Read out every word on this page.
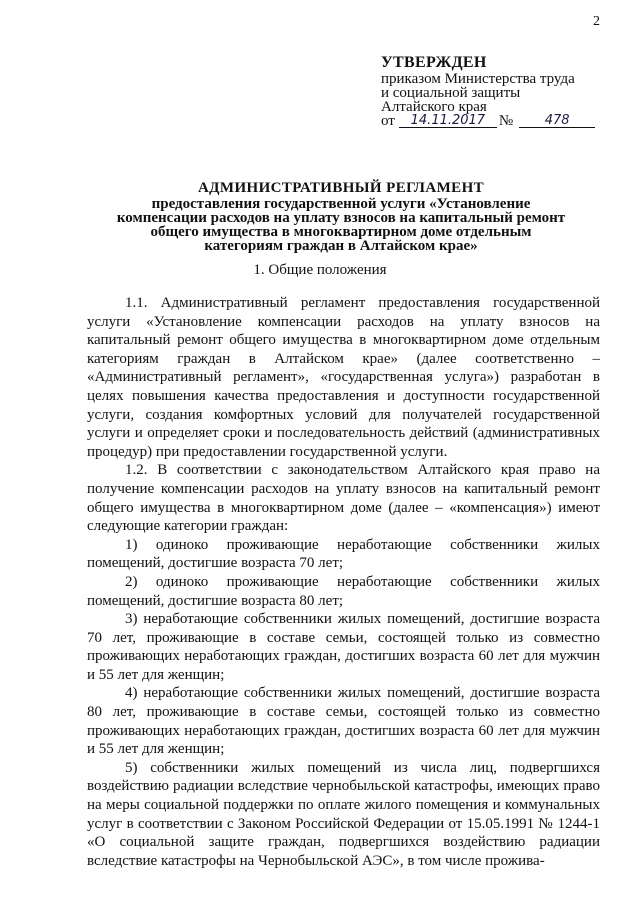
2
УТВЕРЖДЕН
приказом Министерства труда
и социальной защиты
Алтайского края
от	14.11.2017 №	478
АДМИНИСТРАТИВНЫЙ РЕГЛАМЕНТ
предоставления государственной услуги «Установление компенсации расходов на уплату взносов на капитальный ремонт общего имущества в многоквартирном доме отдельным категориям граждан в Алтайском крае»
1. Общие положения

1.1. Административный регламент предоставления государственной услуги «Установление компенсации расходов на уплату взносов на капитальный ремонт общего имущества в многоквартирном доме отдельным категориям граждан в Алтайском крае» (далее соответственно – «Административный регламент», «государственная услуга») разработан в целях повышения качества предоставления и доступности государственной услуги, создания комфортных условий для получателей государственной услуги и определяет сроки и последовательность действий (административных процедур) при предоставлении государственной услуги.

1.2. В соответствии с законодательством Алтайского края право на получение компенсации расходов на уплату взносов на капитальный ремонт общего имущества в многоквартирном доме (далее – «компенсация») имеют следующие категории граждан:

1) одиноко проживающие неработающие собственники жилых помещений, достигшие возраста 70 лет;

2) одиноко проживающие неработающие собственники жилых помещений, достигшие возраста 80 лет;

3) неработающие собственники жилых помещений, достигшие возраста 70 лет, проживающие в составе семьи, состоящей только из совместно проживающих неработающих граждан, достигших возраста 60 лет для мужчин и 55 лет для женщин;

4) неработающие собственники жилых помещений, достигшие возраста 80 лет, проживающие в составе семьи, состоящей только из совместно проживающих неработающих граждан, достигших возраста 60 лет для мужчин и 55 лет для женщин;

5) собственники жилых помещений из числа лиц, подвергшихся воздействию радиации вследствие чернобыльской катастрофы, имеющих право на меры социальной поддержки по оплате жилого помещения и коммунальных услуг в соответствии с Законом Российской Федерации от 15.05.1991 № 1244-1 «О социальной защите граждан, подвергшихся воздействию радиации вследствие катастрофы на Чернобыльской АЭС», в том числе прожива-
